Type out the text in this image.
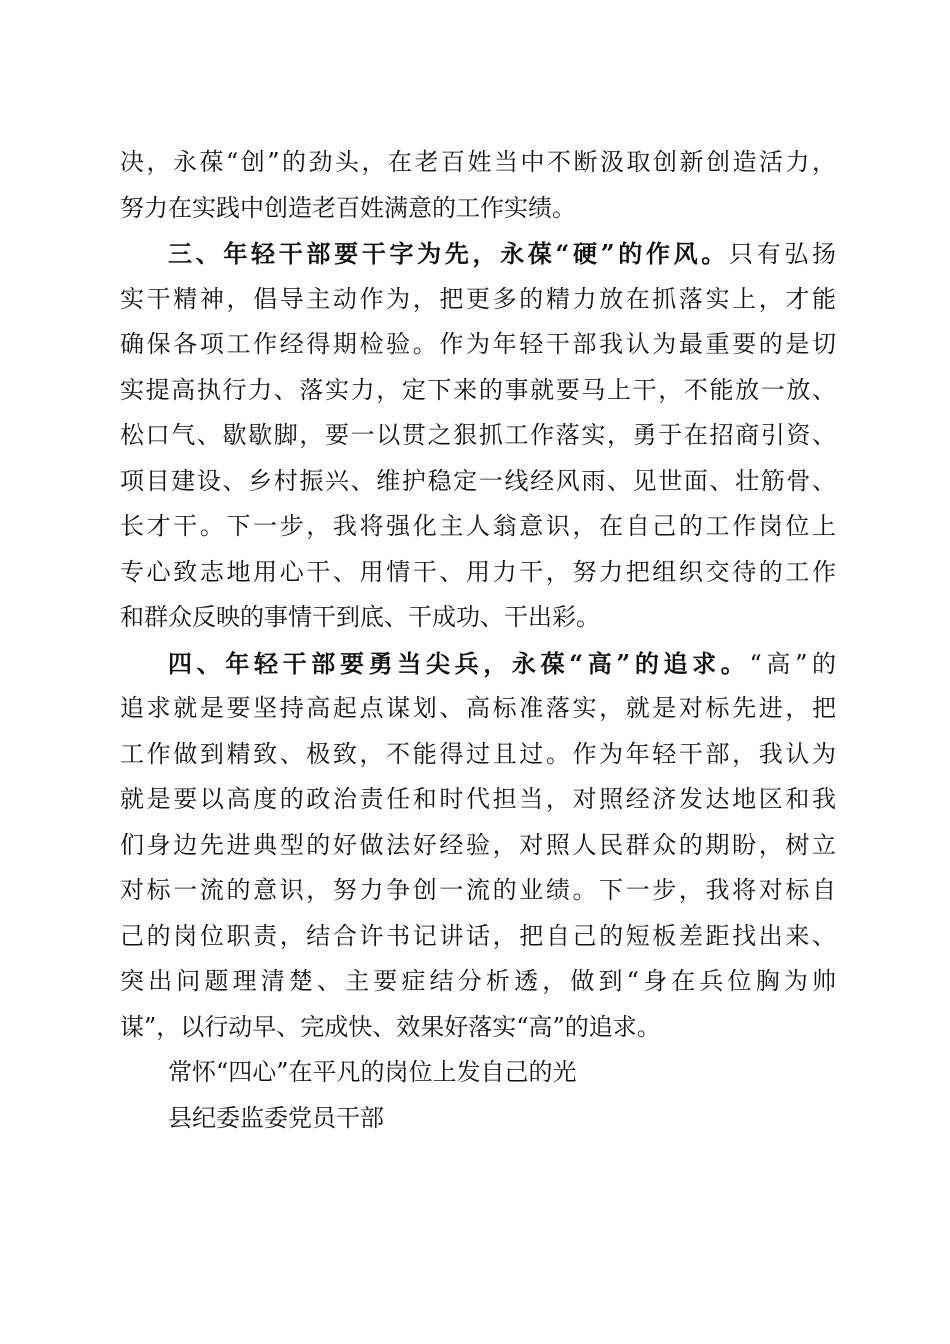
决，永葆“创”的劲头，在老百姓当中不断汲取创新创造活力，
努力在实践中创造老百姓满意的工作实绩。
三、年轻干部要干字为先，永葆“硬”的作风。只有弘扬
实干精神，倡导主动作为，把更多的精力放在抓落实上，才能
确保各项工作经得期检验。作为年轻干部我认为最重要的是切
实提高执行力、落实力，定下来的事就要马上干，不能放一放、
松口气、歇歇脚，要一以贯之狠抓工作落实，勇于在招商引资、
项目建设、乡村振兴、维护稳定一线经风雨、见世面、壮筋骨、
长才干。下一步，我将强化主人翁意识，在自己的工作岗位上
专心致志地用心干、用情干、用力干，努力把组织交待的工作
和群众反映的事情干到底、干成功、干出彩。
四、年轻干部要勇当尖兵，永葆“高”的追求。“高”的
追求就是要坚持高起点谋划、高标准落实，就是对标先进，把
工作做到精致、极致，不能得过且过。作为年轻干部，我认为
就是要以高度的政治责任和时代担当，对照经济发达地区和我
们身边先进典型的好做法好经验，对照人民群众的期盼，树立
对标一流的意识，努力争创一流的业绩。下一步，我将对标自
己的岗位职责，结合许书记讲话，把自己的短板差距找出来、
突出问题理清楚、主要症结分析透，做到“身在兵位胸为帅
谋”，以行动早、完成快、效果好落实“高”的追求。
常怀“四心”在平凡的岗位上发自己的光
县纪委监委党员干部
